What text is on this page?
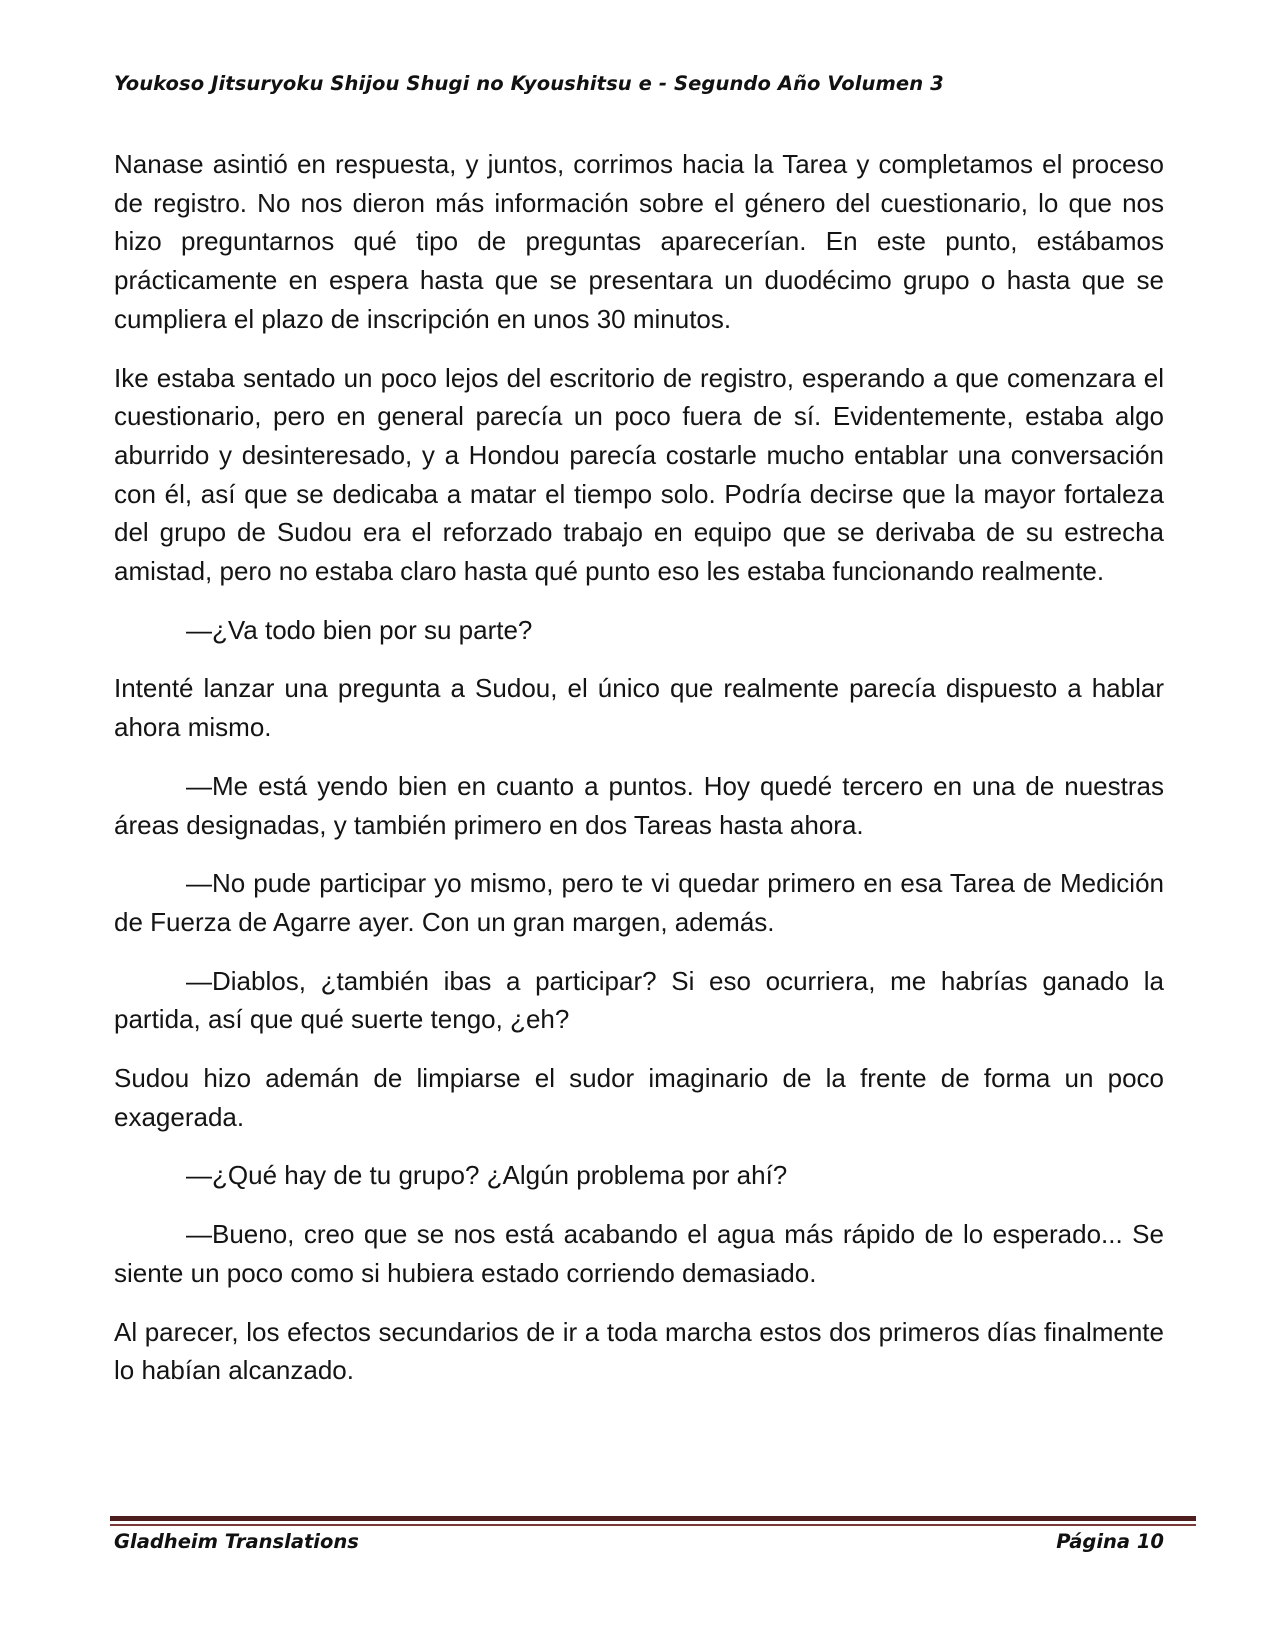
Youkoso Jitsuryoku Shijou Shugi no Kyoushitsu e - Segundo Año Volumen 3

Nanase asintió en respuesta, y juntos, corrimos hacia la Tarea y completamos el proceso de registro. No nos dieron más información sobre el género del cuestionario, lo que nos hizo preguntarnos qué tipo de preguntas aparecerían. En este punto, estábamos prácticamente en espera hasta que se presentara un duodécimo grupo o hasta que se cumpliera el plazo de inscripción en unos 30 minutos.

Ike estaba sentado un poco lejos del escritorio de registro, esperando a que comenzara el cuestionario, pero en general parecía un poco fuera de sí. Evidentemente, estaba algo aburrido y desinteresado, y a Hondou parecía costarle mucho entablar una conversación con él, así que se dedicaba a matar el tiempo solo. Podría decirse que la mayor fortaleza del grupo de Sudou era el reforzado trabajo en equipo que se derivaba de su estrecha amistad, pero no estaba claro hasta qué punto eso les estaba funcionando realmente.

—¿Va todo bien por su parte?

Intenté lanzar una pregunta a Sudou, el único que realmente parecía dispuesto a hablar ahora mismo.

—Me está yendo bien en cuanto a puntos. Hoy quedé tercero en una de nuestras áreas designadas, y también primero en dos Tareas hasta ahora.

—No pude participar yo mismo, pero te vi quedar primero en esa Tarea de Medición de Fuerza de Agarre ayer. Con un gran margen, además.

—Diablos, ¿también ibas a participar? Si eso ocurriera, me habrías ganado la partida, así que qué suerte tengo, ¿eh?

Sudou hizo ademán de limpiarse el sudor imaginario de la frente de forma un poco exagerada.

—¿Qué hay de tu grupo? ¿Algún problema por ahí?

—Bueno, creo que se nos está acabando el agua más rápido de lo esperado... Se siente un poco como si hubiera estado corriendo demasiado.

Al parecer, los efectos secundarios de ir a toda marcha estos dos primeros días finalmente lo habían alcanzado.

Gladheim Translations	Página 10
